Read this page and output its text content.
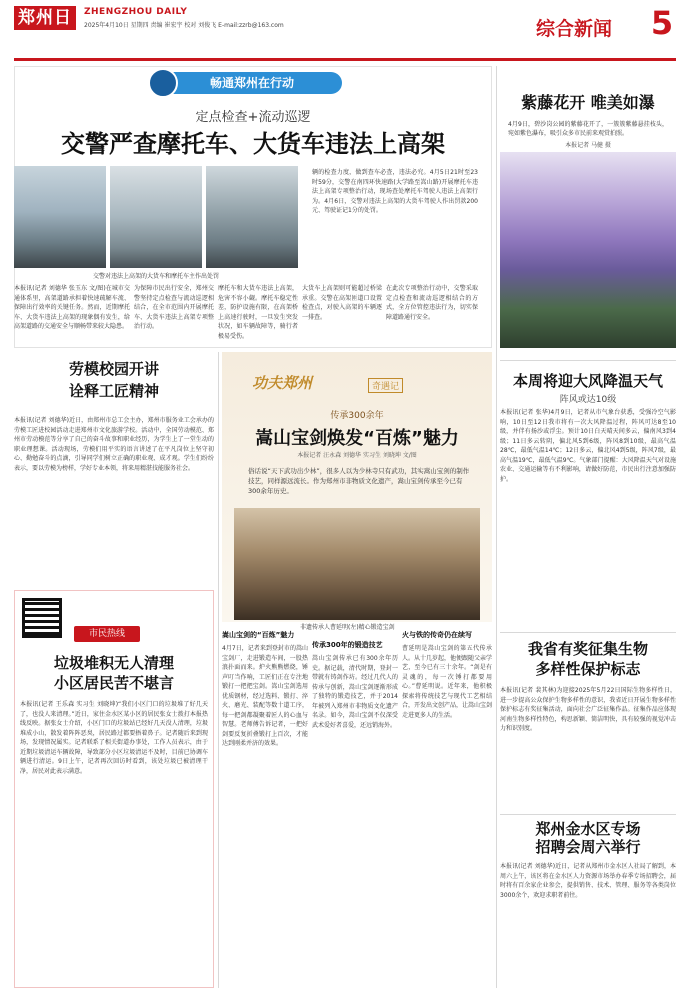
郑州日報
ZHENGZHOU DAILY
2025年4月10日 星期四 责编 崔宏宇 校对 刘俊飞 E-mail:zzrb@163.com	综合新闻	5
畅通郑州在行动
定点检查+流动巡逻
交警严查摩托车、大货车违法上高架
交警对违法上高架的大货车和摩托车主作出处罚
辆的检查力度，做到查车必查，违法必究。4月5日21时至23时59分，交警在南四环快速路(大学路至嵩山路)开展摩托车违法上高架专项整治行动，现场查处摩托车驾驶人违法上高架行为。4月6日，交警对违法上高架的大货车驾驶人作出罚款200元、驾驶证记1分的处罚。
本报讯(记者 刘德华 张玉东 文/图)在城市交通体系里，高架道路承担着快速疏解车流、保障出行效率的关键任务。然而，近期摩托车、大货车违法上高架的现象偶有发生，给高架道路的交通安全与顺畅带来较大隐患。
为保障市民出行安全，郑州交警坚持定点检查与流动巡逻相结合，在全市范围内开展摩托车、大货车违法上高架专项整治行动。
摩托车和大货车违法上高架，危害不容小觑。摩托车稳定性差，防护设施有限，在高架桥上高速行驶时，一旦发生突发状况，如车辆故障等，骑行者极易受伤。
大货车上高架则可能超过桥梁承重。交警在高架匝道口设置检查点，对驶入高架的车辆逐一排查。
在此次专项整治行动中，交警采取定点检查和流动巡逻相结合的方式，全方位管控违法行为，切实保障道路通行安全。
劳模校园开讲
诠释工匠精神
本报讯(记者 刘德华)近日，由郑州市总工会主办，郑州市服务业工会承办的劳模工匠进校园活动走进郑州市文化旅游学校。活动中，全国劳动模范、郑州市劳动模范等分享了自己的奋斗故事和职业经历，为学生上了一堂生动的职业理想课。活动现场，劳模们用平实的语言讲述了在平凡岗位上坚守初心、勤勉奋斗的点滴，引导同学们树立正确的职业观、成才观。学生们纷纷表示，要以劳模为榜样，学好专业本领，将来用精湛技能服务社会。
市民热线
垃圾堆积无人清理
小区居民苦不堪言
本报讯(记者 王乐森 实习生 刘晓坤)“我们小区门口的垃圾堆了好几天了，也没人来清理。”近日，家住金水区某小区的居民张女士拨打本报热线反映。据张女士介绍，小区门口的垃圾站已经好几天没人清理，垃圾堆成小山，散发着阵阵恶臭，居民路过都要捂着鼻子。记者随后来到现场，发现情况属实。记者联系了相关街道办事处，工作人员表示，由于近期垃圾清运车辆故障，导致部分小区垃圾清运不及时，目前已协调车辆进行清运。9日上午，记者再次回访时看到，该处垃圾已被清理干净，居民对此表示满意。
功夫郑州	奇遇记
传承300余年
嵩山宝剑焕发“百炼”魅力
本报记者 汪永森 刘德华 实习生 刘晓坤 文/图
俗话说“天下武功出少林”，很多人以为少林寺只有武功，其实嵩山宝剑的制作技艺，同样源远流长。作为郑州市非物质文化遗产，嵩山宝剑传承至今已有300余年历史。
非遗传承人曹延明(左)精心锻造宝剑
嵩山宝剑的“百炼”魅力
传承300年的锻造技艺
火与铁的传奇仍在续写
4月7日，记者来到登封市的嵩山宝剑厂，走进锻造车间，一股热浪扑面而来。炉火熊熊燃烧，锤声叮当作响，工匠们正在专注地锻打一把把宝剑。嵩山宝剑选用优质钢材，经过选料、锻打、淬火、磨光、装配等数十道工序，每一把剑都凝聚着匠人的心血与智慧。老师傅告诉记者，一把好剑要反复折叠锻打上百次，才能达到刚柔并济的效果。
嵩山宝剑传承已有300余年历史。据记载，清代时期，登封一带就有铸剑作坊。经过几代人的传承与创新，嵩山宝剑逐渐形成了独特的锻造技艺，并于2014年被列入郑州市非物质文化遗产名录。如今，嵩山宝剑不仅深受武术爱好者喜爱，还远销海外。
曹延明是嵩山宝剑的第五代传承人。从十几岁起，他便跟随父亲学艺，至今已有三十余年。“剑是有灵魂的，每一次锤打都要用心。”曹延明说。近年来，他积极探索将传统技艺与现代工艺相结合，开发出文创产品，让嵩山宝剑走进更多人的生活。
紫藤花开 唯美如瀑
4月9日，碧沙岗公园的紫藤花开了，一簇簇紫藤悬挂枝头，宛如紫色瀑布，吸引众多市民前来观赏拍照。
本报记者 马健 摄
本周将迎大风降温天气
阵风或达10级
本报讯(记者 张华)4月9日，记者从市气象台获悉，受强冷空气影响，10日至12日我市将有一次大风降温过程，阵风可达8至10级，并伴有扬沙或浮尘。预计10日白天晴天间多云，偏南风3到4级；11日多云转阴，偏北风5到6级，阵风8到10级，最高气温28℃，最低气温14℃；12日多云，偏北风4到5级，阵风7级，最高气温19℃，最低气温9℃。气象部门提醒：大风降温天气对设施农业、交通运输等有不利影响，请做好防范，市民出行注意加强防护。
我省有奖征集生物
多样性保护标志
本报讯(记者 裴其林)为迎接2025年5月22日国际生物多样性日，进一步提高公众保护生物多样性的意识，我省近日开展生物多样性保护标志有奖征集活动，面向社会广泛征集作品。征集作品应体现河南生物多样性特色，构思新颖、简洁明快，具有较强的视觉冲击力和识别度。
郑州金水区专场
招聘会周六举行
本报讯(记者 刘德华)近日，记者从郑州市金水区人社局了解到，本周六上午，该区将在金水区人力资源市场举办春季专场招聘会，届时将有百余家企业参会，提供销售、技术、管理、服务等各类岗位3000余个，欢迎求职者前往。
